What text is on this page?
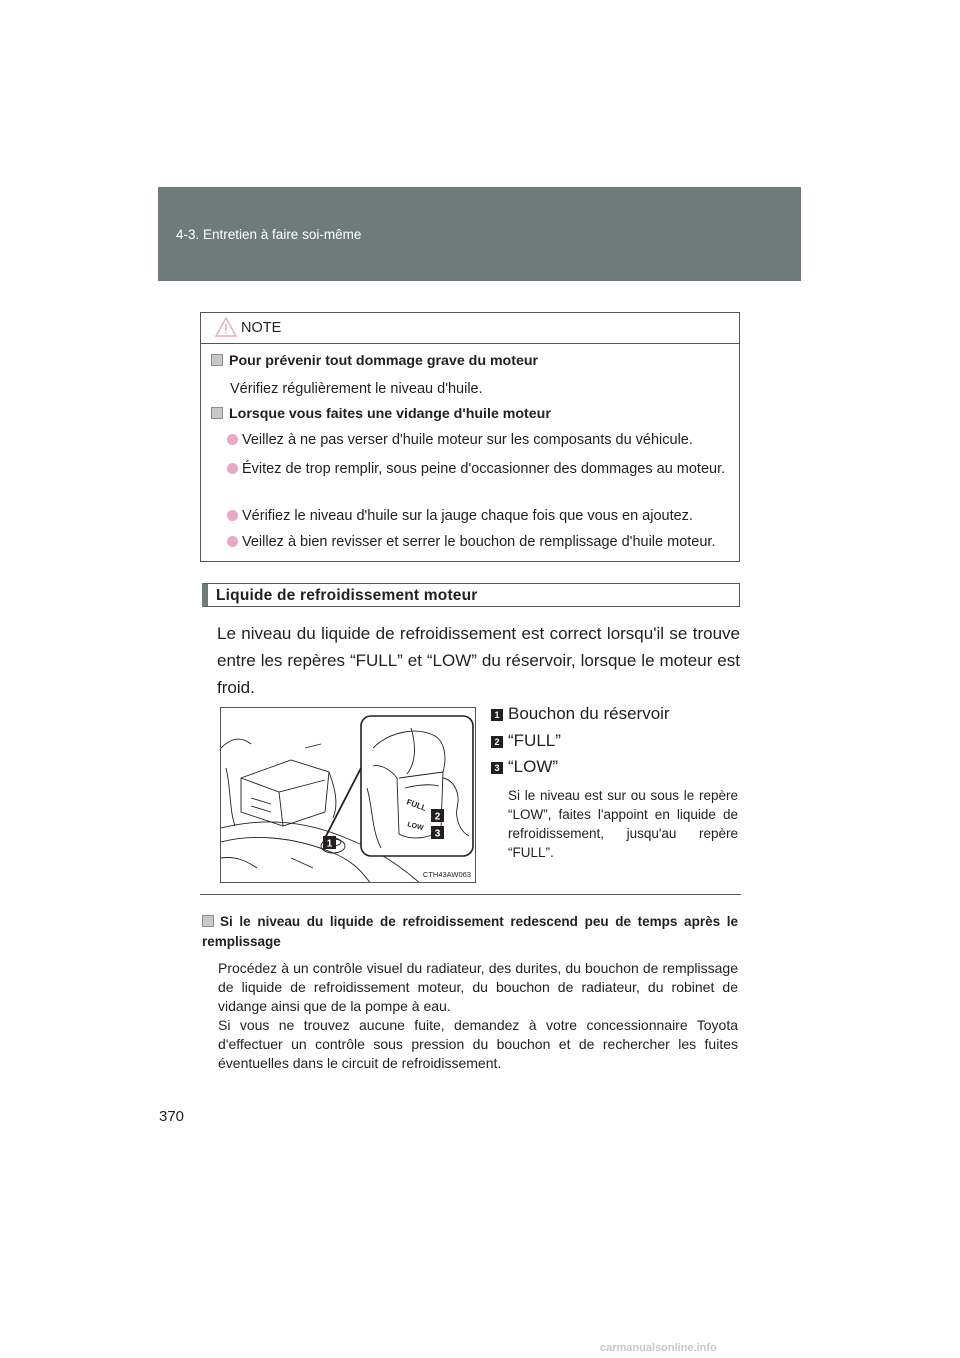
4-3. Entretien à faire soi-même
NOTE
Pour prévenir tout dommage grave du moteur
Vérifiez régulièrement le niveau d'huile.
Lorsque vous faites une vidange d'huile moteur
Veillez à ne pas verser d'huile moteur sur les composants du véhicule.
Évitez de trop remplir, sous peine d'occasionner des dommages au moteur.
Vérifiez le niveau d'huile sur la jauge chaque fois que vous en ajoutez.
Veillez à bien revisser et serrer le bouchon de remplissage d'huile moteur.
Liquide de refroidissement moteur
Le niveau du liquide de refroidissement est correct lorsqu'il se trouve entre les repères “FULL” et “LOW” du réservoir, lorsque le moteur est froid.
FULL
LOW
1
2
3
CTH43AW063
1 Bouchon du réservoir
2 “FULL”
3 “LOW”
Si le niveau est sur ou sous le repère “LOW”, faites l'appoint en liquide de refroidissement, jusqu'au repère “FULL”.
Si le niveau du liquide de refroidissement redescend peu de temps après le remplissage
Procédez à un contrôle visuel du radiateur, des durites, du bouchon de remplissage de liquide de refroidissement moteur, du bouchon de radiateur, du robinet de vidange ainsi que de la pompe à eau.
Si vous ne trouvez aucune fuite, demandez à votre concessionnaire Toyota d'effectuer un contrôle sous pression du bouchon et de rechercher les fuites éventuelles dans le circuit de refroidissement.
370
carmanualsonline.info
